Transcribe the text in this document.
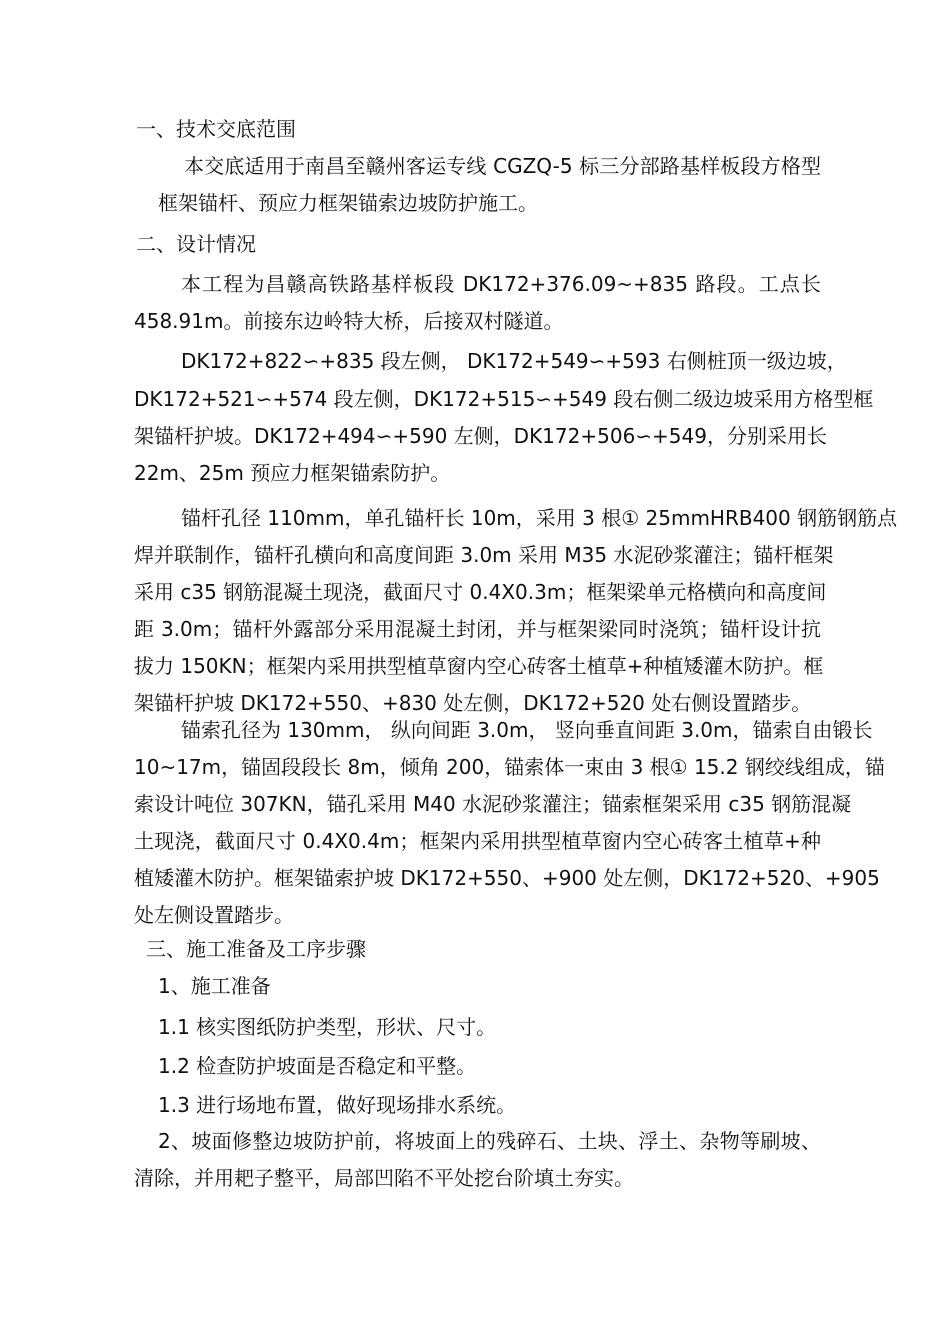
一、技术交底范围
本交底适用于南昌至赣州客运专线 CGZQ-5 标三分部路基样板段方格型
框架锚杆、预应力框架锚索边坡防护施工。
二、设计情况
本工程为昌赣高铁路基样板段 DK172+376.09~+835 路段。工点长
458.91m。前接东边岭特大桥，后接双村隧道。
DK172+822∽+835 段左侧， DK172+549∽+593 右侧桩顶一级边坡，
DK172+521∽+574 段左侧，DK172+515∽+549 段右侧二级边坡采用方格型框
架锚杆护坡。DK172+494∽+590 左侧，DK172+506∽+549，分别采用长
22m、25m 预应力框架锚索防护。
锚杆孔径 110mm，单孔锚杆长 10m，采用 3 根① 25mmHRB400 钢筋钢筋点
焊并联制作，锚杆孔横向和高度间距 3.0m 采用 M35 水泥砂浆灌注；锚杆框架
采用 c35 钢筋混凝土现浇，截面尺寸 0.4X0.3m；框架梁单元格横向和高度间
距 3.0m；锚杆外露部分采用混凝土封闭，并与框架梁同时浇筑；锚杆设计抗
拔力 150KN；框架内采用拱型植草窗内空心砖客土植草+种植矮灌木防护。框
架锚杆护坡 DK172+550、+830 处左侧，DK172+520 处右侧设置踏步。
锚索孔径为 130mm， 纵向间距 3.0m， 竖向垂直间距 3.0m，锚索自由锻长
10~17m，锚固段段长 8m，倾角 200，锚索体一束由 3 根① 15.2 钢绞线组成，锚
索设计吨位 307KN，锚孔采用 M40 水泥砂浆灌注；锚索框架采用 c35 钢筋混凝
土现浇，截面尺寸 0.4X0.4m；框架内采用拱型植草窗内空心砖客土植草+种
植矮灌木防护。框架锚索护坡 DK172+550、+900 处左侧，DK172+520、+905
处左侧设置踏步。
三、施工准备及工序步骤
1、施工准备
1.1 核实图纸防护类型，形状、尺寸。
1.2 检查防护坡面是否稳定和平整。
1.3 进行场地布置，做好现场排水系统。
2、坡面修整边坡防护前，将坡面上的残碎石、土块、浮土、杂物等刷坡、
清除，并用耙子整平，局部凹陷不平处挖台阶填土夯实。
